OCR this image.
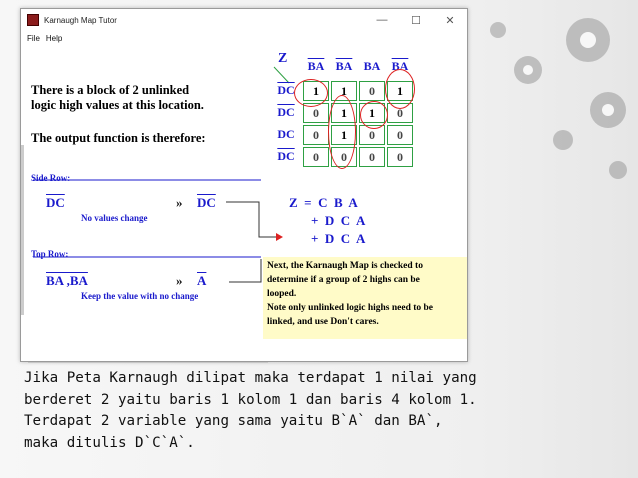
Karnaugh Map Tutor	—	☐	✕
File Help
There is a block of 2 unlinked
logic high values at this location.
The output function is therefore:
Side Row:
$\overline{DC}$	» $\overline{DC}$
No values change
Top Row:
BA ,BA	» $\overline{A}$
Keep the value with no change
Z	$\overline{BA}$ $\overline{BA}$ BA $\overline{BA}$
$\overline{DC}$
$\overline{DC}$
DC
$\overline{DC}$
1	1	0	1
0	1	1	0
0	1	0	0
0	0	0	0
Z  =  C  B  A
+  D  C  A
+  D  C  A
Next, the Karnaugh Map is checked to
determine if a group of 2 highs can be
looped.
Note only unlinked logic highs need to be
linked, and use Don't cares.
Jika Peta Karnaugh dilipat maka terdapat 1 nilai yang
berderet 2 yaitu baris 1 kolom 1 dan baris 4 kolom 1.
Terdapat 2 variable yang sama yaitu B`A` dan BA`,
maka ditulis D`C`A`.
